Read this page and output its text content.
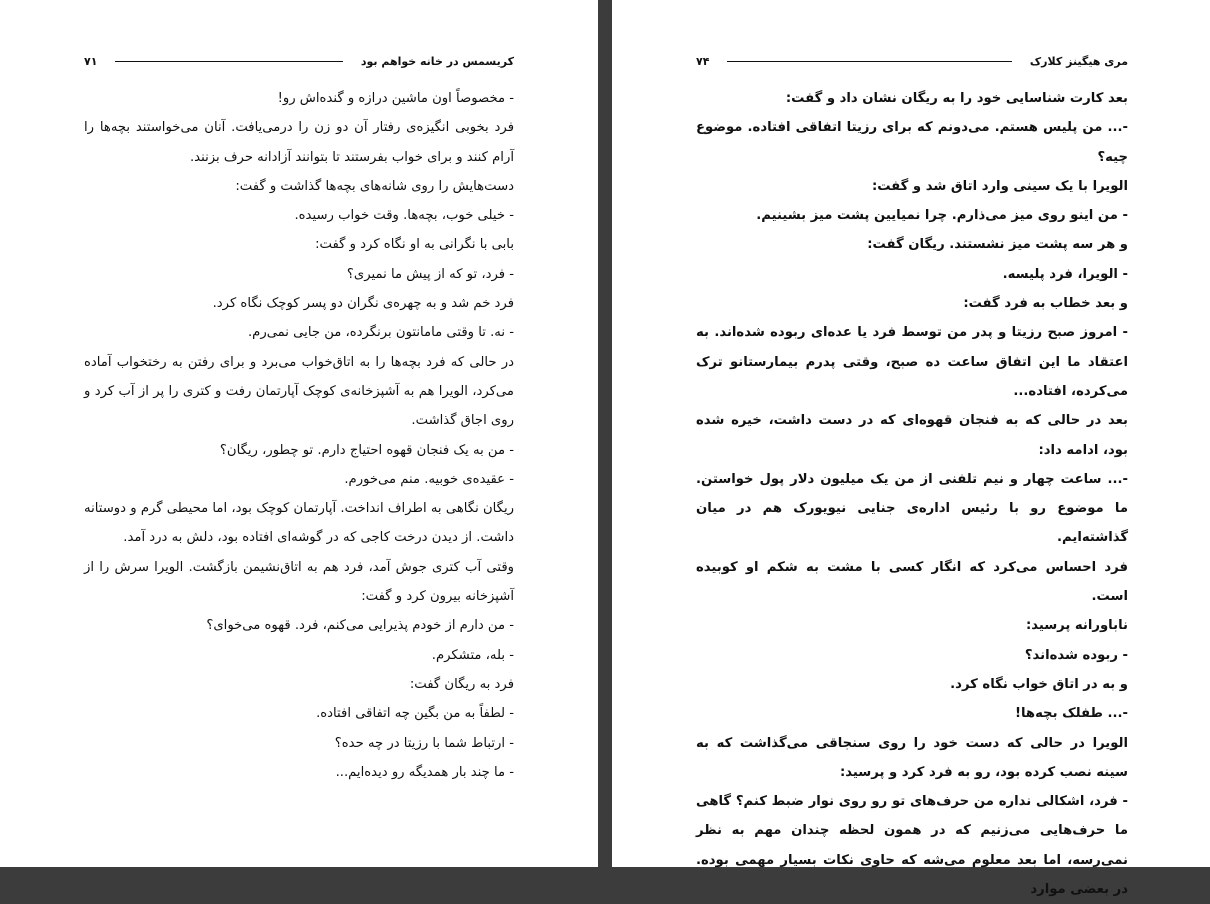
کریسمس در خانه خواهم بود
۷۱

- مخصوصاً اون ماشین درازه و گنده‌اش رو!

فرد بخوبی انگیزه‌ی رفتار آن دو زن را درمی‌یافت. آنان می‌خواستند بچه‌ها را آرام کنند و برای خواب بفرستند تا بتوانند آزادانه حرف بزنند.

دست‌هایش را روی شانه‌های بچه‌ها گذاشت و گفت:

- خیلی خوب، بچه‌ها. وقت خواب رسیده.

بابی با نگرانی به او نگاه کرد و گفت:

- فرد، تو که از پیش ما نمیری؟

فرد خم شد و به چهره‌ی نگران دو پسر کوچک نگاه کرد.

- نه. تا وقتی مامانتون برنگرده، من جایی نمی‌رم.

در حالی که فرد بچه‌ها را به اتاق‌خواب می‌برد و برای رفتن به رختخواب آماده می‌کرد، الویرا هم به آشپزخانه‌ی کوچک آپارتمان رفت و کتری را پر از آب کرد و روی اجاق گذاشت.

- من به یک فنجان قهوه احتیاج دارم. تو چطور، ریگان؟

- عقیده‌ی خوبیه. منم می‌خورم.

ریگان نگاهی به اطراف انداخت. آپارتمان کوچک بود، اما محیطی گرم و دوستانه داشت. از دیدن درخت کاجی که در گوشه‌ای افتاده بود، دلش به درد آمد.

وقتی آب کتری جوش آمد، فرد هم به اتاق‌نشیمن بازگشت. الویرا سرش را از آشپزخانه بیرون کرد و گفت:

- من دارم از خودم پذیرایی می‌کنم، فرد. قهوه می‌خوای؟

- بله، متشکرم.

فرد به ریگان گفت:

- لطفاً به من بگین چه اتفاقی افتاده.

- ارتباط شما با رزیتا در چه حده؟

- ما چند بار همدیگه رو دیده‌ایم...

مری هیگینز کلارک
۷۴

بعد کارت شناسایی خود را به ریگان نشان داد و گفت:

-... من پلیس هستم. می‌دونم که برای رزیتا اتفاقی افتاده. موضوع چیه؟

الویرا با یک سینی وارد اتاق شد و گفت:

- من اینو روی میز می‌ذارم. چرا نمیایین پشت میز بشینیم.

و هر سه پشت میز نشستند. ریگان گفت:

- الویرا، فرد پلیسه.

و بعد خطاب به فرد گفت:

- امروز صبح رزیتا و پدر من توسط فرد یا عده‌ای ربوده شده‌اند. به اعتقاد ما این اتفاق ساعت ده صبح، وقتی پدرم بیمارستانو ترک می‌کرده، افتاده...

بعد در حالی که به فنجان قهوه‌ای که در دست داشت، خیره شده بود، ادامه داد:

-... ساعت چهار و نیم تلفنی از من یک میلیون دلار پول خواستن. ما موضوع رو با رئیس اداره‌ی جنایی نیویورک هم در میان گذاشته‌ایم.

فرد احساس می‌کرد که انگار کسی با مشت به شکم او کوبیده است.

ناباورانه پرسید:

- ربوده شده‌اند؟

و به در اتاق خواب نگاه کرد.

-... طفلک بچه‌ها!

الویرا در حالی که دست خود را روی سنجاقی می‌گذاشت که به سینه نصب کرده بود، رو به فرد کرد و پرسید:

- فرد، اشکالی نداره من حرف‌های تو رو روی نوار ضبط کنم؟ گاهی ما حرف‌هایی می‌زنیم که در همون لحظه چندان مهم به نظر نمی‌رسه، اما بعد معلوم می‌شه که حاوی نکات بسیار مهمی بوده. در بعضی موارد
